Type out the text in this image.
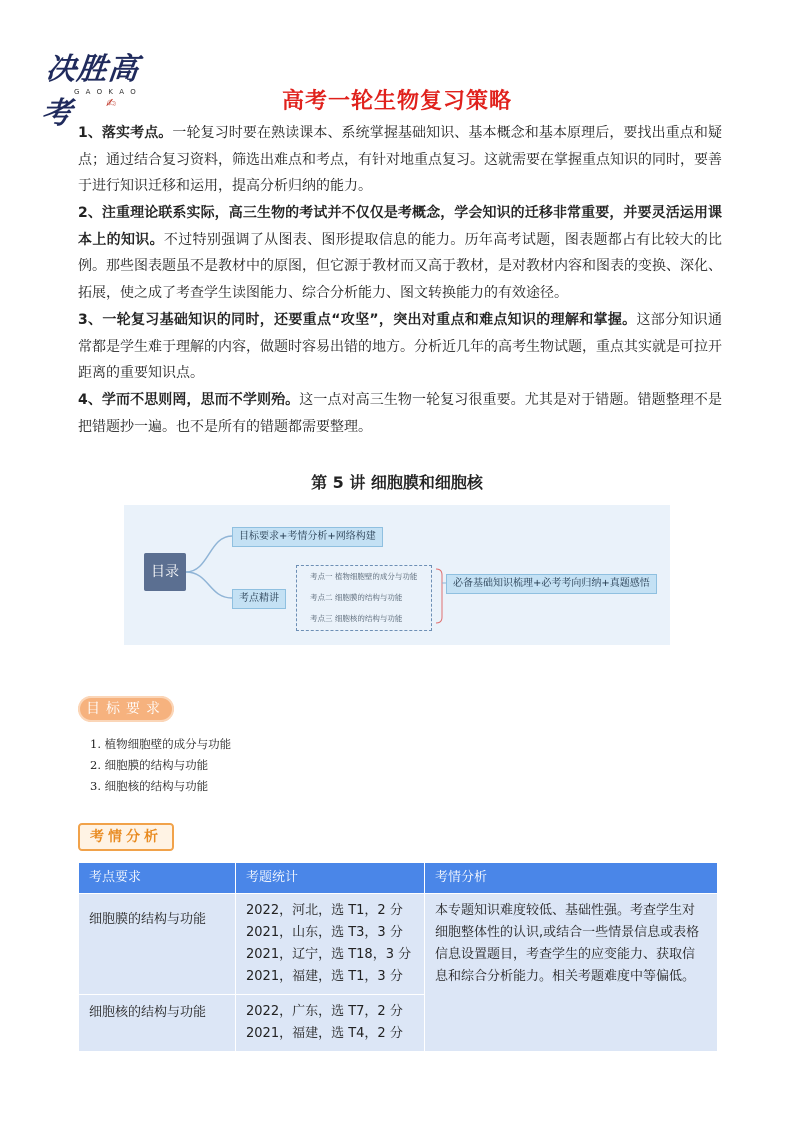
决胜高考
G A O K A O
✍	高考一轮生物复习策略

1、落实考点。一轮复习时要在熟读课本、系统掌握基础知识、基本概念和基本原理后，要找出重点和疑点；通过结合复习资料，筛选出难点和考点，有针对地重点复习。这就需要在掌握重点知识的同时，要善于进行知识迁移和运用，提高分析归纳的能力。

2、注重理论联系实际，高三生物的考试并不仅仅是考概念，学会知识的迁移非常重要，并要灵活运用课本上的知识。不过特别强调了从图表、图形提取信息的能力。历年高考试题，图表题都占有比较大的比例。那些图表题虽不是教材中的原图，但它源于教材而又高于教材，是对教材内容和图表的变换、深化、拓展，使之成了考查学生读图能力、综合分析能力、图文转换能力的有效途径。

3、一轮复习基础知识的同时，还要重点“攻坚”，突出对重点和难点知识的理解和掌握。这部分知识通常都是学生难于理解的内容，做题时容易出错的地方。分析近几年的高考生物试题，重点其实就是可拉开距离的重要知识点。

4、学而不思则罔，思而不学则殆。这一点对高三生物一轮复习很重要。尤其是对于错题。错题整理不是把错题抄一遍。也不是所有的错题都需要整理。

第 5 讲 细胞膜和细胞核
目录
目标要求+考情分析+网络构建
考点精讲
考点一 植物细胞壁的成分与功能
考点二 细胞膜的结构与功能
考点三 细胞核的结构与功能
必备基础知识梳理+必考考向归纳+真题感悟
目标要求
1. 植物细胞壁的成分与功能
2. 细胞膜的结构与功能
3. 细胞核的结构与功能
考情分析
考点要求	考题统计	考情分析
细胞膜的结构与功能	2022，河北，选 T1，2 分
2021，山东，选 T3，3 分
2021，辽宁，选 T18，3 分
2021，福建，选 T1，3 分	本专题知识难度较低、基础性强。考查学生对细胞整体性的认识,或结合一些情景信息或表格信息设置题目，考查学生的应变能力、获取信息和综合分析能力。相关考题难度中等偏低。
细胞核的结构与功能	2022，广东，选 T7，2 分
2021，福建，选 T4，2 分	
